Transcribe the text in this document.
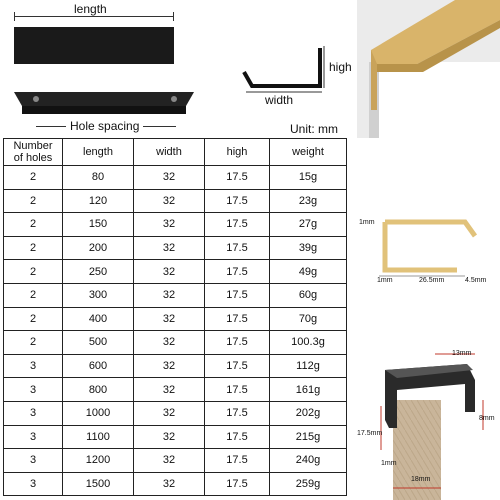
length
Hole spacing
high
width
Unit: mm
Number
of holes	length	width	high	weight
2	80	32	17.5	15g
2	120	32	17.5	23g
2	150	32	17.5	27g
2	200	32	17.5	39g
2	250	32	17.5	49g
2	300	32	17.5	60g
2	400	32	17.5	70g
2	500	32	17.5	100.3g
3	600	32	17.5	112g
3	800	32	17.5	161g
3	1000	32	17.5	202g
3	1100	32	17.5	215g
3	1200	32	17.5	240g
3	1500	32	17.5	259g
1mm
1mm	26.5mm	4.5mm
13mm
8mm
17.5mm
1mm
18mm
